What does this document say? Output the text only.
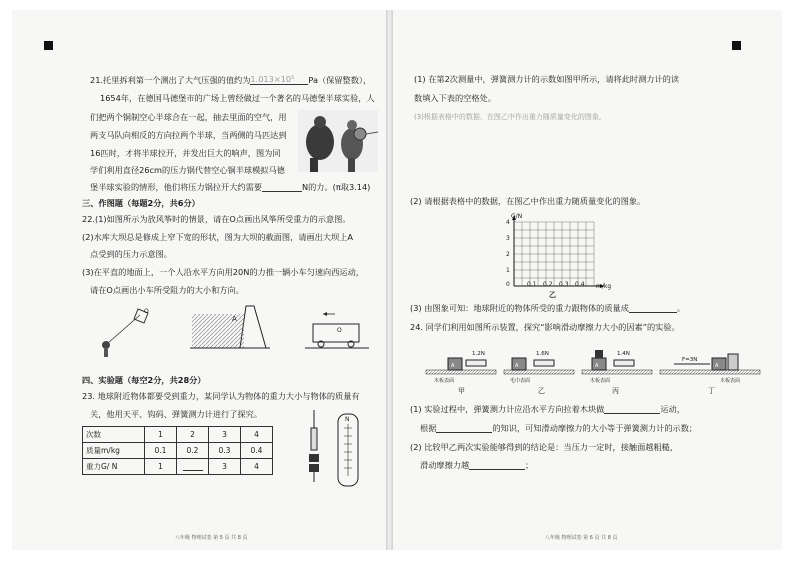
21.托里拆利第一个测出了大气压强的值约为1.013×10⁵ Pa（保留整数），
1654年，在德国马德堡市的广场上曾经做过一个著名的马德堡半球实验，人
们把两个铜制空心半球合在一起，抽去里面的空气，用
两支马队向相反的方向拉两个半球，当两侧的马匹达到
16匹时，才将半球拉开，并发出巨大的响声，图为同
学们利用直径26cm的压力锅代替空心铜半球模拟马德
堡半球实验的情形，他们将压力锅拉开大约需要	N的力。(π取3.14)
三、作图题（每题2分，共6分）
22.(1)如图所示为放风筝时的情景，请在O点画出风筝所受重力的示意图。
(2)水库大坝总是修成上窄下宽的形状，图为大坝的截面图，请画出大坝上A
点受到的压力示意图。
(3)在平直的地面上，一个人沿水平方向用20N的力推一辆小车匀速向西运动，
请在O点画出小车所受阻力的大小和方向。
O
A
O
四、实验题（每空2分，共28分）
23. 地球附近物体都要受到重力，某同学认为物体的重力大小与物体的质量有
关，他用天平、钩码、弹簧测力计进行了探究。
次数	1	2	3	4
质量m/kg	0.1	0.2	0.3	0.4
重力G/ N	1		3	4
N
八年级 物理试卷 第 5 页 共 8 页
(1) 在第2次测量中，弹簧测力计的示数如图甲所示，请将此时测力计的读
数填入下表的空格处。
(3)根据表格中的数据，在图乙中作出重力随质量变化的图象。
(2) 请根据表格中的数据，在图乙中作出重力随质量变化的图象。
G/N
m/kg
0
1
2
3
4
0.1 0.2 0.3 0.4
乙
(3) 由图象可知：地球附近的物体所受的重力跟物体的质量成	。
24. 同学们利用如图所示装置，探究“影响滑动摩擦力大小的因素”的实验。
1.2N	1.6N	1.4N
F=3N
A	A	A	A
木板表面	毛巾表面	木板表面	木板表面
甲	乙	丙	丁
(1) 实验过程中，弹簧测力计应沿水平方向拉着木块做	运动，
根据	的知识，可知滑动摩擦力的大小等于弹簧测力计的示数；
(2) 比较甲乙两次实验能够得到的结论是：当压力一定时，接触面越粗糙，
滑动摩擦力越	；
八年级 物理试卷 第 6 页 共 8 页
